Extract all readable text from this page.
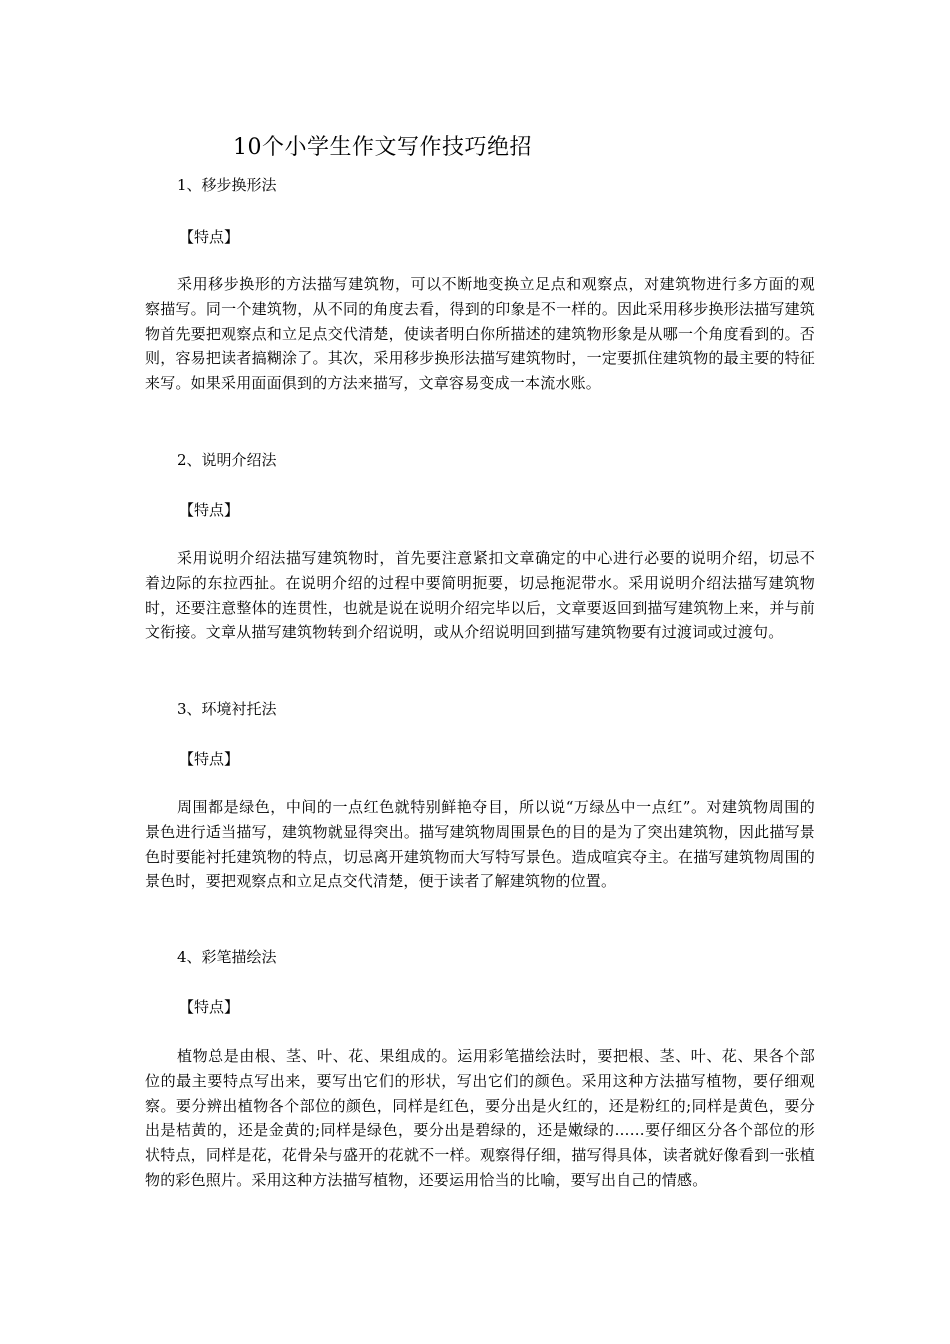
10个小学生作文写作技巧绝招
1、移步换形法
【特点】
采用移步换形的方法描写建筑物，可以不断地变换立足点和观察点，对建筑物进行多方面的观察描写。同一个建筑物，从不同的角度去看，得到的印象是不一样的。因此采用移步换形法描写建筑物首先要把观察点和立足点交代清楚，使读者明白你所描述的建筑物形象是从哪一个角度看到的。否则，容易把读者搞糊涂了。其次，采用移步换形法描写建筑物时，一定要抓住建筑物的最主要的特征来写。如果采用面面俱到的方法来描写，文章容易变成一本流水账。
2、说明介绍法
【特点】
采用说明介绍法描写建筑物时，首先要注意紧扣文章确定的中心进行必要的说明介绍，切忌不着边际的东拉西扯。在说明介绍的过程中要简明扼要，切忌拖泥带水。采用说明介绍法描写建筑物时，还要注意整体的连贯性，也就是说在说明介绍完毕以后，文章要返回到描写建筑物上来，并与前文衔接。文章从描写建筑物转到介绍说明，或从介绍说明回到描写建筑物要有过渡词或过渡句。
3、环境衬托法
【特点】
周围都是绿色，中间的一点红色就特别鲜艳夺目，所以说“万绿丛中一点红”。对建筑物周围的景色进行适当描写，建筑物就显得突出。描写建筑物周围景色的目的是为了突出建筑物，因此描写景色时要能衬托建筑物的特点，切忌离开建筑物而大写特写景色。造成喧宾夺主。在描写建筑物周围的景色时，要把观察点和立足点交代清楚，便于读者了解建筑物的位置。
4、彩笔描绘法
【特点】
植物总是由根、茎、叶、花、果组成的。运用彩笔描绘法时，要把根、茎、叶、花、果各个部位的最主要特点写出来，要写出它们的形状，写出它们的颜色。采用这种方法描写植物，要仔细观察。要分辨出植物各个部位的颜色，同样是红色，要分出是火红的，还是粉红的;同样是黄色，要分出是桔黄的，还是金黄的;同样是绿色，要分出是碧绿的，还是嫩绿的……要仔细区分各个部位的形状特点，同样是花，花骨朵与盛开的花就不一样。观察得仔细，描写得具体，读者就好像看到一张植物的彩色照片。采用这种方法描写植物，还要运用恰当的比喻，要写出自己的情感。
